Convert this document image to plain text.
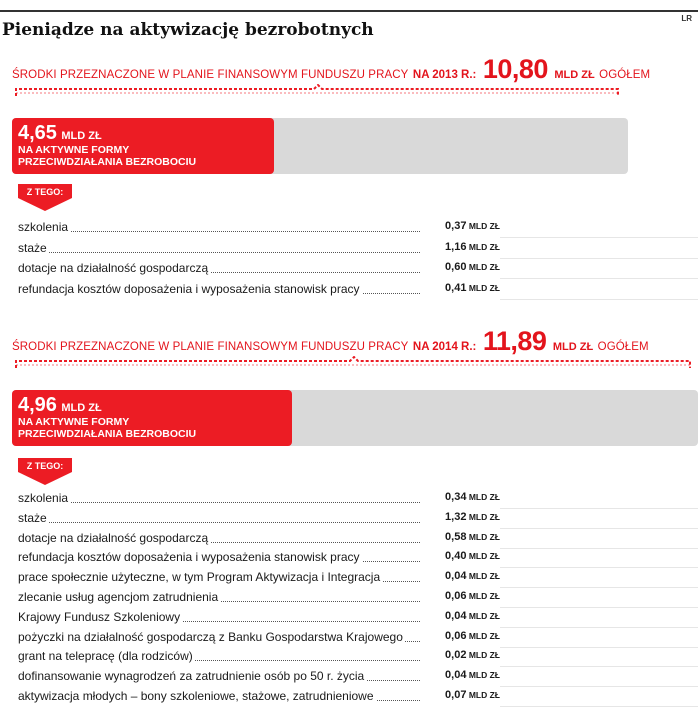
LR
Pieniądze na aktywizację bezrobotnych
ŚRODKI PRZEZNACZONE W PLANIE FINANSOWYM FUNDUSZU PRACY NA 2013 R.: 10,80 MLD ZŁ OGÓŁEM
4,65 MLD ZŁ
NA AKTYWNE FORMY
PRZECIWDZIAŁANIA BEZROBOCIU
Z TEGO:
szkolenia	0,37 MLD ZŁ
staże	1,16 MLD ZŁ
dotacje na działalność gospodarczą	0,60 MLD ZŁ
refundacja kosztów doposażenia i wyposażenia stanowisk pracy	0,41 MLD ZŁ
ŚRODKI PRZEZNACZONE W PLANIE FINANSOWYM FUNDUSZU PRACY NA 2014 R.: 11,89 MLD ZŁ OGÓŁEM
4,96 MLD ZŁ
NA AKTYWNE FORMY
PRZECIWDZIAŁANIA BEZROBOCIU
Z TEGO:
szkolenia	0,34 MLD ZŁ
staże	1,32 MLD ZŁ
dotacje na działalność gospodarczą	0,58 MLD ZŁ
refundacja kosztów doposażenia i wyposażenia stanowisk pracy	0,40 MLD ZŁ
prace społecznie użyteczne, w tym Program Aktywizacja i Integracja	0,04 MLD ZŁ
zlecanie usług agencjom zatrudnienia	0,06 MLD ZŁ
Krajowy Fundusz Szkoleniowy	0,04 MLD ZŁ
pożyczki na działalność gospodarczą z Banku Gospodarstwa Krajowego	0,06 MLD ZŁ
grant na telepracę (dla rodziców)	0,02 MLD ZŁ
dofinansowanie wynagrodzeń za zatrudnienie osób po 50 r. życia	0,04 MLD ZŁ
aktywizacja młodych – bony szkoleniowe, stażowe, zatrudnieniowe	0,07 MLD ZŁ
